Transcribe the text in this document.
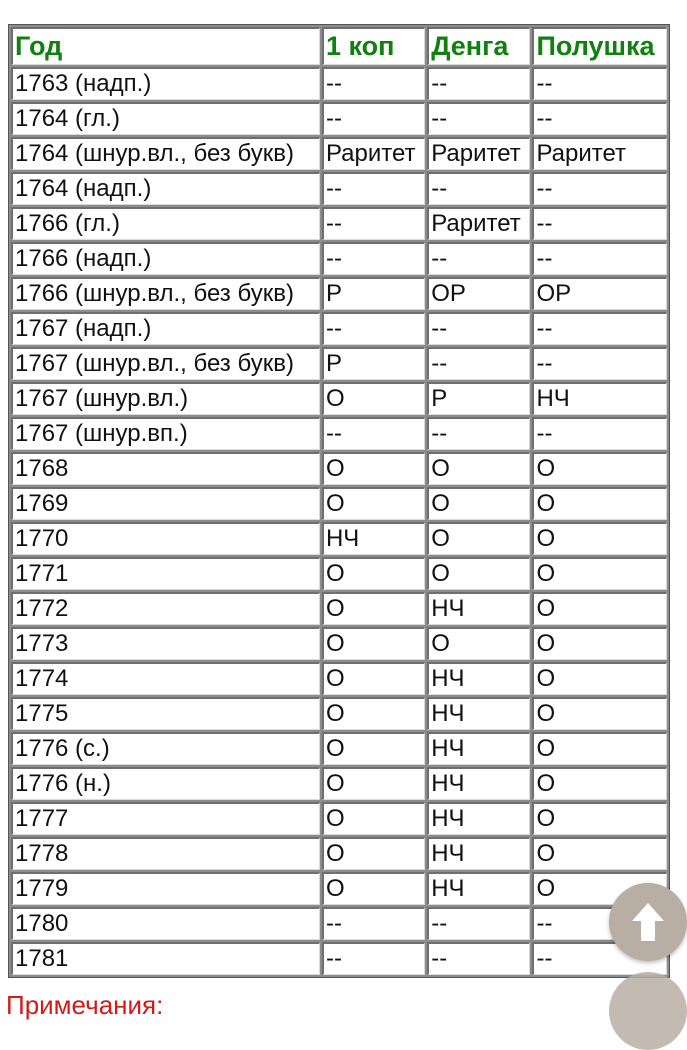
Год	1 коп	Денга	Полушка
1763 (надп.)	--	--	--
1764 (гл.)	--	--	--
1764 (шнур.вл., без букв)	Раритет	Раритет	Раритет
1764 (надп.)	--	--	--
1766 (гл.)	--	Раритет	--
1766 (надп.)	--	--	--
1766 (шнур.вл., без букв)	Р	ОР	ОР
1767 (надп.)	--	--	--
1767 (шнур.вл., без букв)	Р	--	--
1767 (шнур.вл.)	О	Р	НЧ
1767 (шнур.вп.)	--	--	--
1768	О	О	О
1769	О	О	О
1770	НЧ	О	О
1771	О	О	О
1772	О	НЧ	О
1773	О	О	О
1774	О	НЧ	О
1775	О	НЧ	О
1776 (с.)	О	НЧ	О
1776 (н.)	О	НЧ	О
1777	О	НЧ	О
1778	О	НЧ	О
1779	О	НЧ	О
1780	--	--	--
1781	--	--	--
Примечания:
